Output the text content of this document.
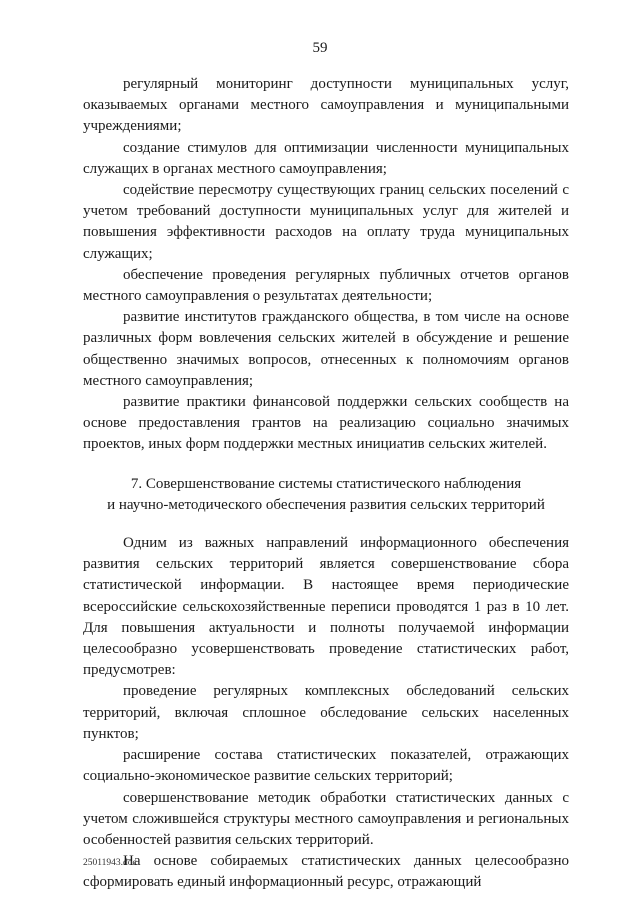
59

регулярный мониторинг доступности муниципальных услуг, оказываемых органами местного самоуправления и муниципальными учреждениями;

создание стимулов для оптимизации численности муниципальных служащих в органах местного самоуправления;

содействие пересмотру существующих границ сельских поселений с учетом требований доступности муниципальных услуг для жителей и повышения эффективности расходов на оплату труда муниципальных служащих;

обеспечение проведения регулярных публичных отчетов органов местного самоуправления о результатах деятельности;

развитие институтов гражданского общества, в том числе на основе различных форм вовлечения сельских жителей в обсуждение и решение общественно значимых вопросов, отнесенных к полномочиям органов местного самоуправления;

развитие практики финансовой поддержки сельских сообществ на основе предоставления грантов на реализацию социально значимых проектов, иных форм поддержки местных инициатив сельских жителей.

7. Совершенствование системы статистического наблюдения
и научно-методического обеспечения развития сельских территорий

Одним из важных направлений информационного обеспечения развития сельских территорий является совершенствование сбора статистической информации. В настоящее время периодические всероссийские сельскохозяйственные переписи проводятся 1 раз в 10 лет. Для повышения актуальности и полноты получаемой информации целесообразно усовершенствовать проведение статистических работ, предусмотрев:

проведение регулярных комплексных обследований сельских территорий, включая сплошное обследование сельских населенных пунктов;

расширение состава статистических показателей, отражающих социально-экономическое развитие сельских территорий;

совершенствование методик обработки статистических данных с учетом сложившейся структуры местного самоуправления и региональных особенностей развития сельских территорий.

На основе собираемых статистических данных целесообразно сформировать единый информационный ресурс, отражающий

25011943.doc
